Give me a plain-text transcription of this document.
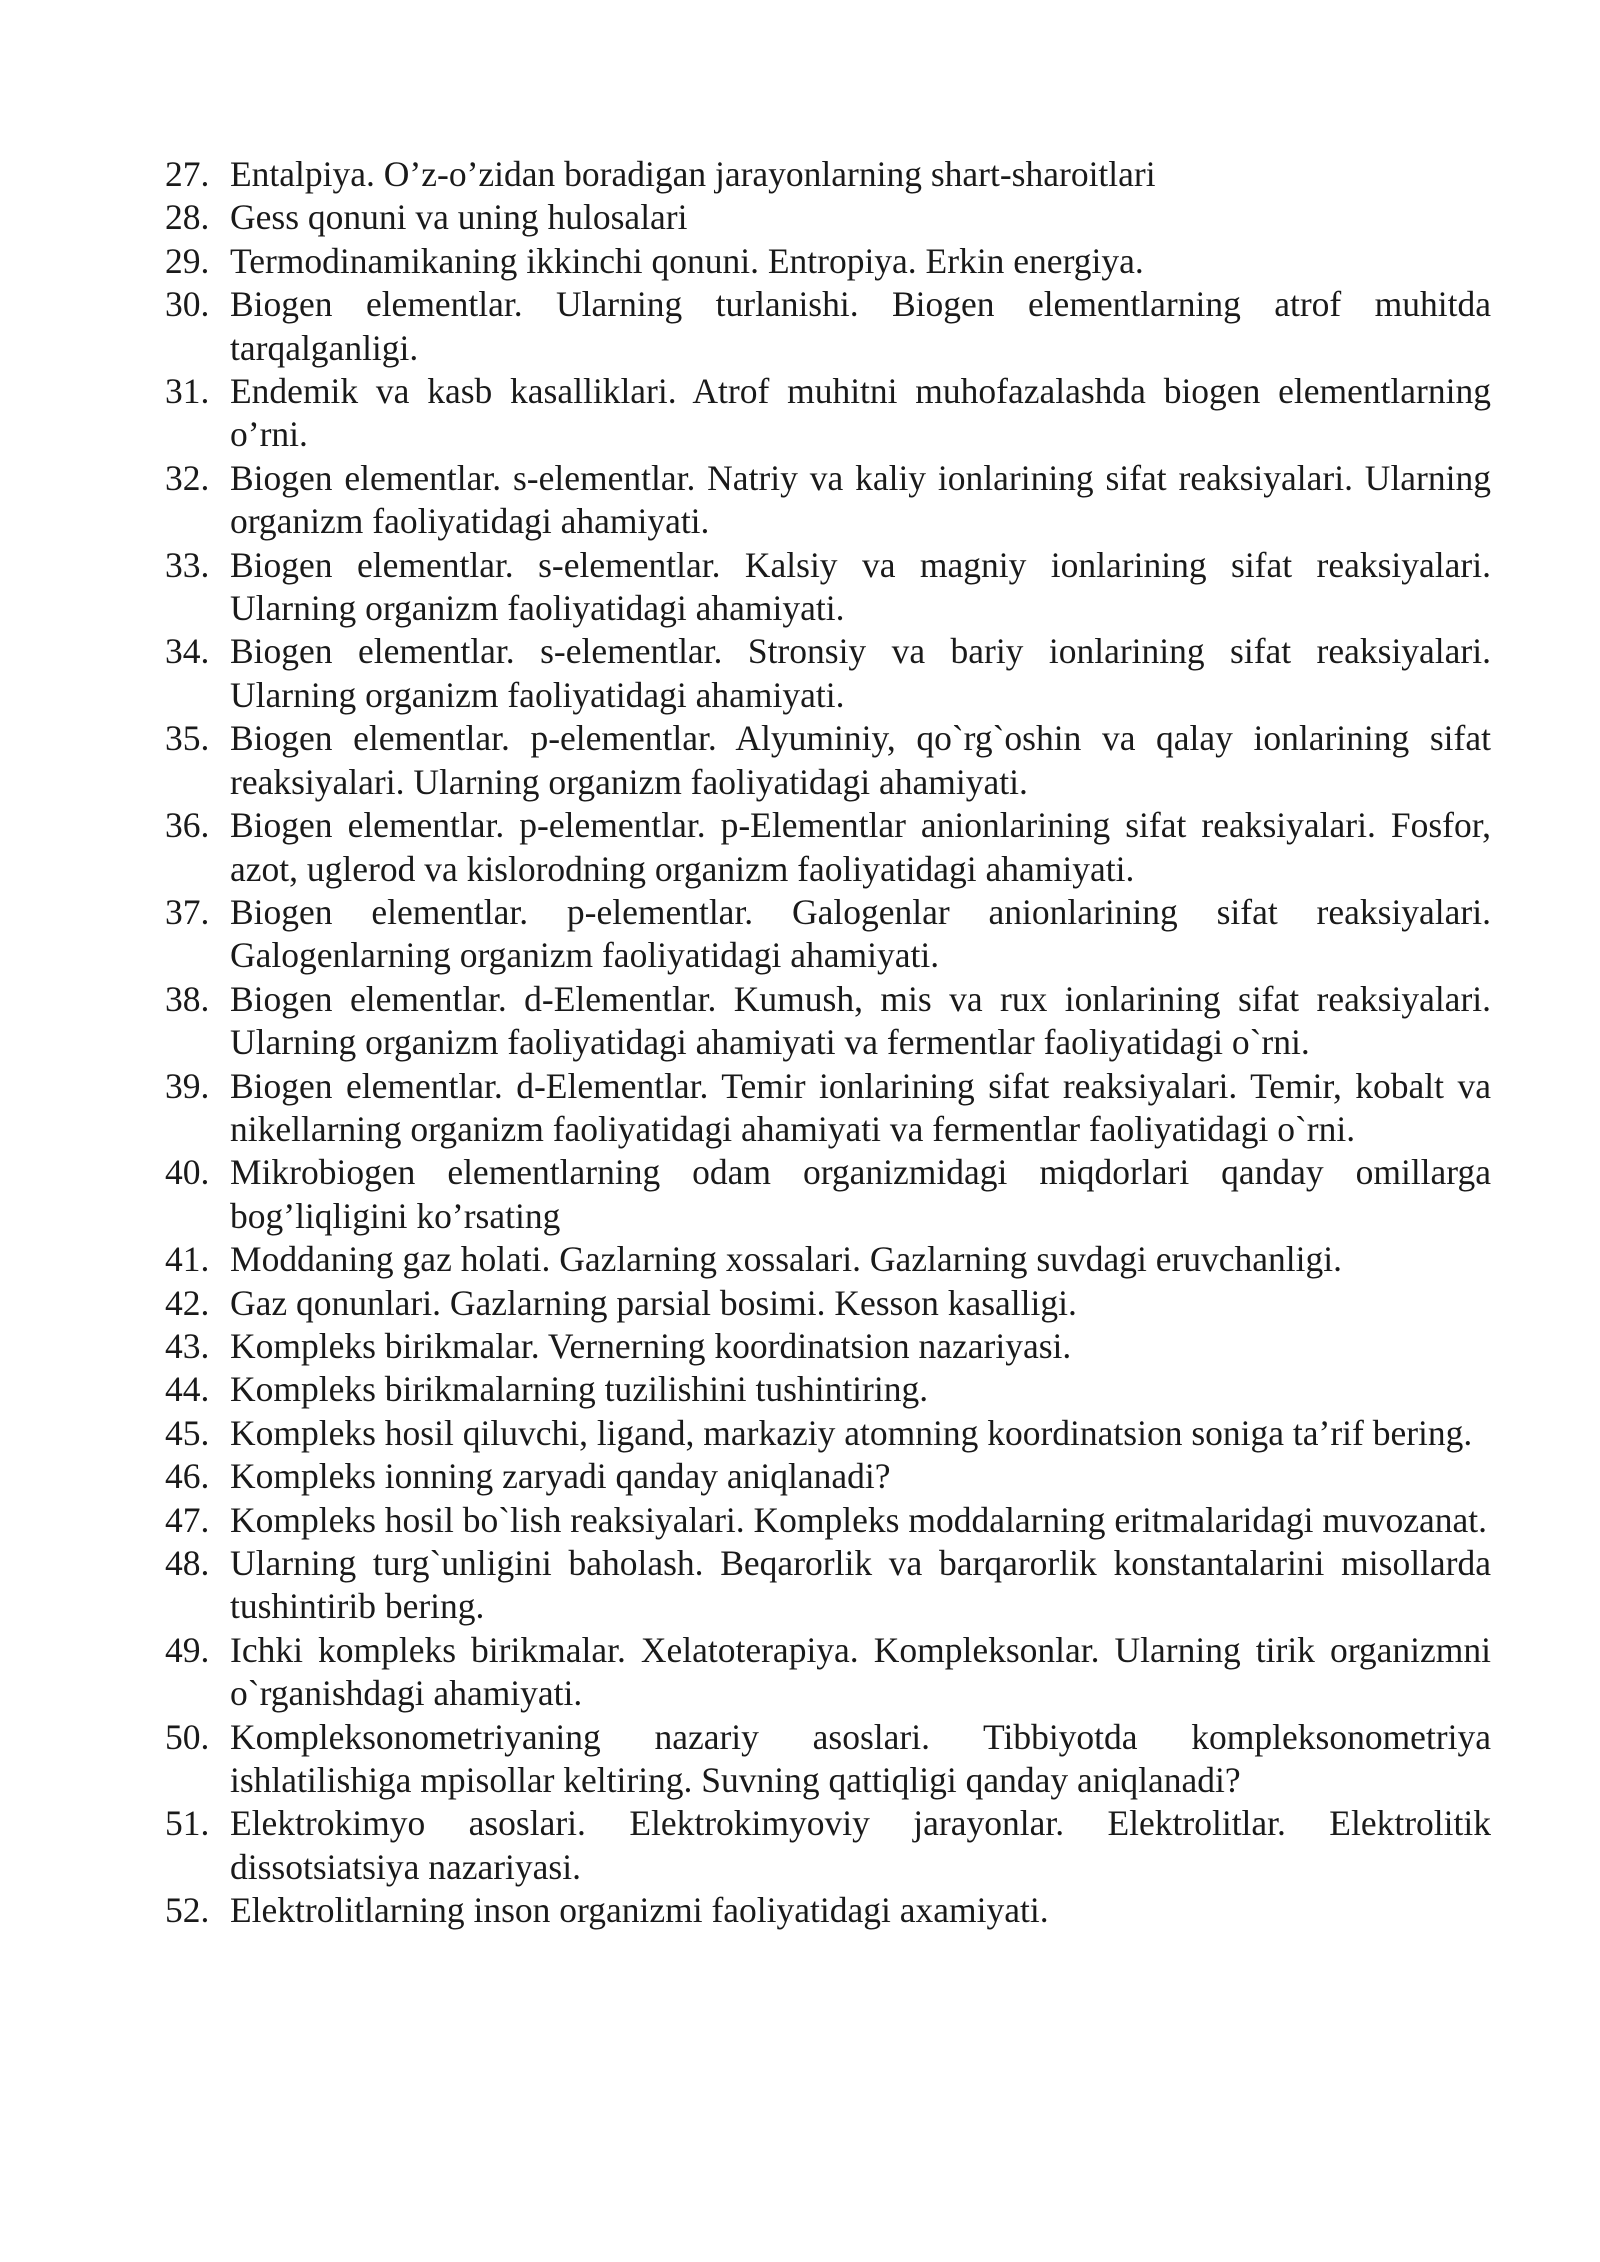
27. Entalpiya. O’z-o’zidan boradigan jarayonlarning shart-sharoitlari
28. Gess qonuni va uning hulosalari
29. Termodinamikaning ikkinchi qonuni. Entropiya. Erkin energiya.
30. Biogen elementlar. Ularning turlanishi. Biogen elementlarning atrof muhitda tarqalganligi.
31. Endemik va kasb kasalliklari. Atrof muhitni muhofazalashda biogen elementlarning o’rni.
32. Biogen elementlar. s-elementlar. Natriy va kaliy ionlarining sifat reaksiyalari. Ularning organizm faoliyatidagi ahamiyati.
33. Biogen elementlar. s-elementlar. Kalsiy va magniy ionlarining sifat reaksiyalari. Ularning organizm faoliyatidagi ahamiyati.
34. Biogen elementlar. s-elementlar. Stronsiy va bariy ionlarining sifat reaksiyalari. Ularning organizm faoliyatidagi ahamiyati.
35. Biogen elementlar. p-elementlar. Alyuminiy, qo`rg`oshin va qalay ionlarining sifat reaksiyalari. Ularning organizm faoliyatidagi ahamiyati.
36. Biogen elementlar. p-elementlar. p-Elementlar anionlarining sifat reaksiyalari. Fosfor, azot, uglerod va kislorodning organizm faoliyatidagi ahamiyati.
37. Biogen elementlar. p-elementlar. Galogenlar anionlarining sifat reaksiyalari. Galogenlarning organizm faoliyatidagi ahamiyati.
38. Biogen elementlar. d-Elementlar. Kumush, mis va rux ionlarining sifat reaksiyalari. Ularning organizm faoliyatidagi ahamiyati va fermentlar faoliyatidagi o`rni.
39. Biogen elementlar. d-Elementlar. Temir ionlarining sifat reaksiyalari. Temir, kobalt va nikellarning organizm faoliyatidagi ahamiyati va fermentlar faoliyatidagi o`rni.
40. Mikrobiogen elementlarning odam organizmidagi miqdorlari qanday omillarga bog’liqligini ko’rsating
41. Moddaning gaz holati. Gazlarning xossalari. Gazlarning suvdagi eruvchanligi.
42. Gaz qonunlari. Gazlarning parsial bosimi. Kesson kasalligi.
43. Kompleks birikmalar. Vernerning koordinatsion nazariyasi.
44. Kompleks birikmalarning tuzilishini tushintiring.
45. Kompleks hosil qiluvchi, ligand, markaziy atomning koordinatsion soniga ta’rif bering.
46. Kompleks ionning zaryadi qanday aniqlanadi?
47. Kompleks hosil bo`lish reaksiyalari. Kompleks moddalarning eritmalaridagi muvozanat.
48. Ularning turg`unligini baholash. Beqarorlik va barqarorlik konstantalarini misollarda tushintirib bering.
49. Ichki kompleks birikmalar. Xelatoterapiya. Kompleksonlar. Ularning tirik organizmni o`rganishdagi ahamiyati.
50. Kompleksonometriyaning nazariy asoslari. Tibbiyotda kompleksonometriya ishlatilishiga mpisollar keltiring. Suvning qattiqligi qanday aniqlanadi?
51. Elektrokimyo asoslari. Elektrokimyoviy jarayonlar. Elektrolitlar. Elektrolitik dissotsiatsiya nazariyasi.
52. Elektrolitlarning inson organizmi faoliyatidagi axamiyati.
